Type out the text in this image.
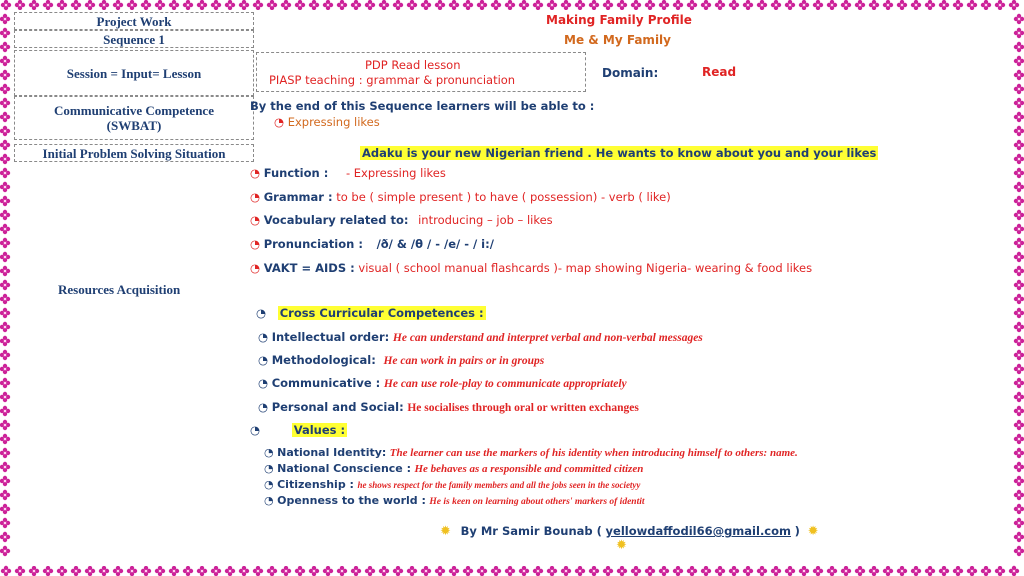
Project Work
Sequence 1
Session = Input= Lesson
Communicative Competence
(SWBAT)
Initial Problem Solving Situation
Resources Acquisition
Making Family Profile
Me & My Family
PDP Read lesson
PIASP teaching : grammar & pronunciation	Domain:	Read
By the end of this Sequence learners will be able to :
◔ Expressing likes
Adaku is your new Nigerian friend . He wants to know about you and your likes
◔ Function : - Expressing likes
◔ Grammar : to be ( simple present ) to have ( possession) - verb ( like)
◔ Vocabulary related to: introducing – job – likes
◔ Pronunciation : /ð/ & /θ / - /e/ - / i:/
◔ VAKT = AIDS : visual ( school manual flashcards )- map showing Nigeria- wearing & food likes
◔ Cross Curricular Competences :
◔ Intellectual order: He can understand and interpret verbal and non-verbal messages
◔ Methodological: He can work in pairs or in groups
◔ Communicative : He can use role-play to communicate appropriately
◔ Personal and Social: He socialises through oral or written exchanges
◔	Values :
◔ National Identity: The learner can use the markers of his identity when introducing himself to others: name.
◔ National Conscience : He behaves as a responsible and committed citizen
◔ Citizenship : he shows respect for the family members and all the jobs seen in the societyy
◔ Openness to the world : He is keen on learning about others' markers of identit
✹ By Mr Samir Bounab ( yellowdaffodil66@gmail.com ) ✹
✹
